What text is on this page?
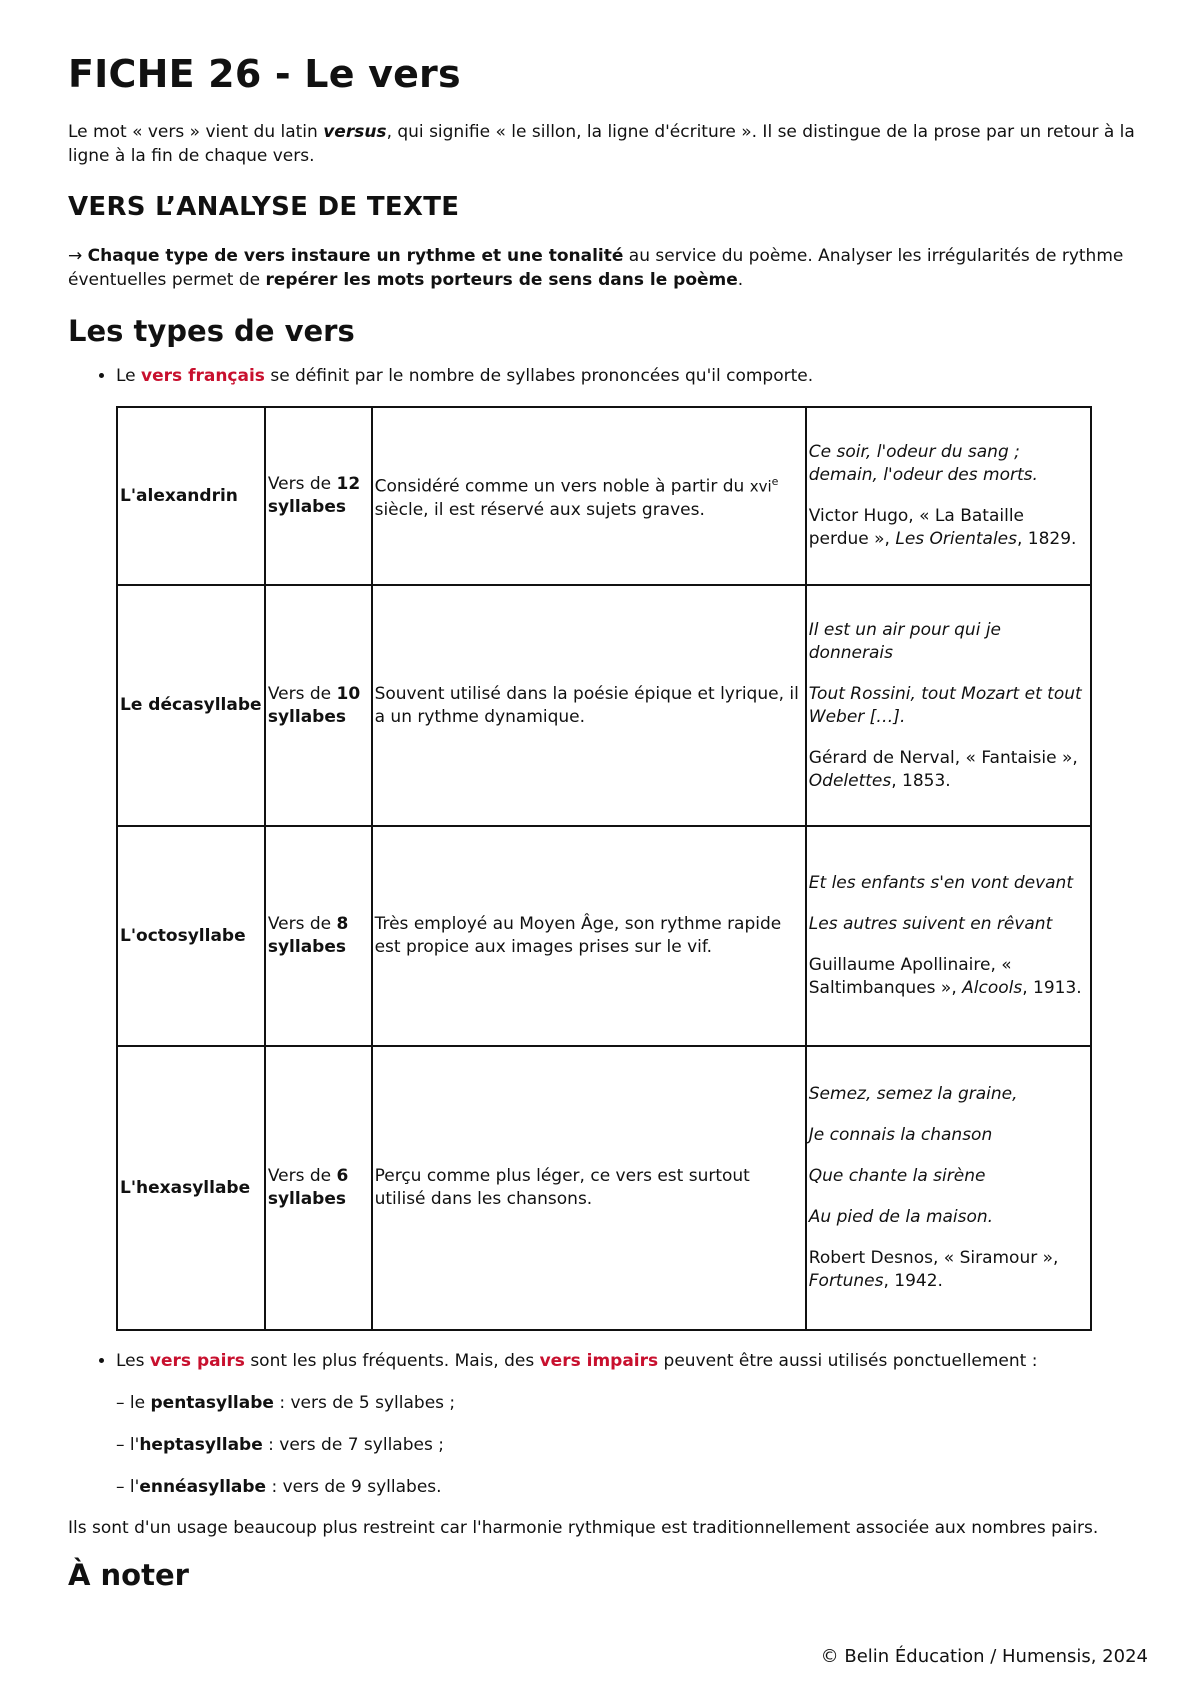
FICHE 26 - Le vers

Le mot « vers » vient du latin versus, qui signifie « le sillon, la ligne d'écriture ». Il se distingue de la prose par un retour à la ligne à la fin de chaque vers.

VERS L’ANALYSE DE TEXTE

→ Chaque type de vers instaure un rythme et une tonalité au service du poème. Analyser les irrégularités de rythme éventuelles permet de repérer les mots porteurs de sens dans le poème.

Les types de vers
• Le vers français se définit par le nombre de syllabes prononcées qu'il comporte.
L'alexandrin	Vers de 12 syllabes	Considéré comme un vers noble à partir du xvi$^e$ siècle, il est réservé aux sujets graves.	Ce soir, l'odeur du sang ; demain, l'odeur des morts.

Victor Hugo, « La Bataille perdue », Les Orientales, 1829.

Le décasyllabe	Vers de 10 syllabes	Souvent utilisé dans la poésie épique et lyrique, il a un rythme dynamique.	Il est un air pour qui je donnerais

Tout Rossini, tout Mozart et tout Weber […].

Gérard de Nerval, « Fantaisie », Odelettes, 1853.

L'octosyllabe	Vers de 8 syllabes	Très employé au Moyen Âge, son rythme rapide est propice aux images prises sur le vif.	Et les enfants s'en vont devant

Les autres suivent en rêvant

Guillaume Apollinaire, « Saltimbanques », Alcools, 1913.

L'hexasyllabe	Vers de 6 syllabes	Perçu comme plus léger, ce vers est surtout utilisé dans les chansons.	Semez, semez la graine,

Je connais la chanson

Que chante la sirène

Au pied de la maison.

Robert Desnos, « Siramour », Fortunes, 1942.

• Les vers pairs sont les plus fréquents. Mais, des vers impairs peuvent être aussi utilisés ponctuellement :

– le pentasyllabe : vers de 5 syllabes ;

– l'heptasyllabe : vers de 7 syllabes ;

– l'ennéasyllabe : vers de 9 syllabes.

Ils sont d'un usage beaucoup plus restreint car l'harmonie rythmique est traditionnellement associée aux nombres pairs.

À noter
© Belin Éducation / Humensis, 2024
